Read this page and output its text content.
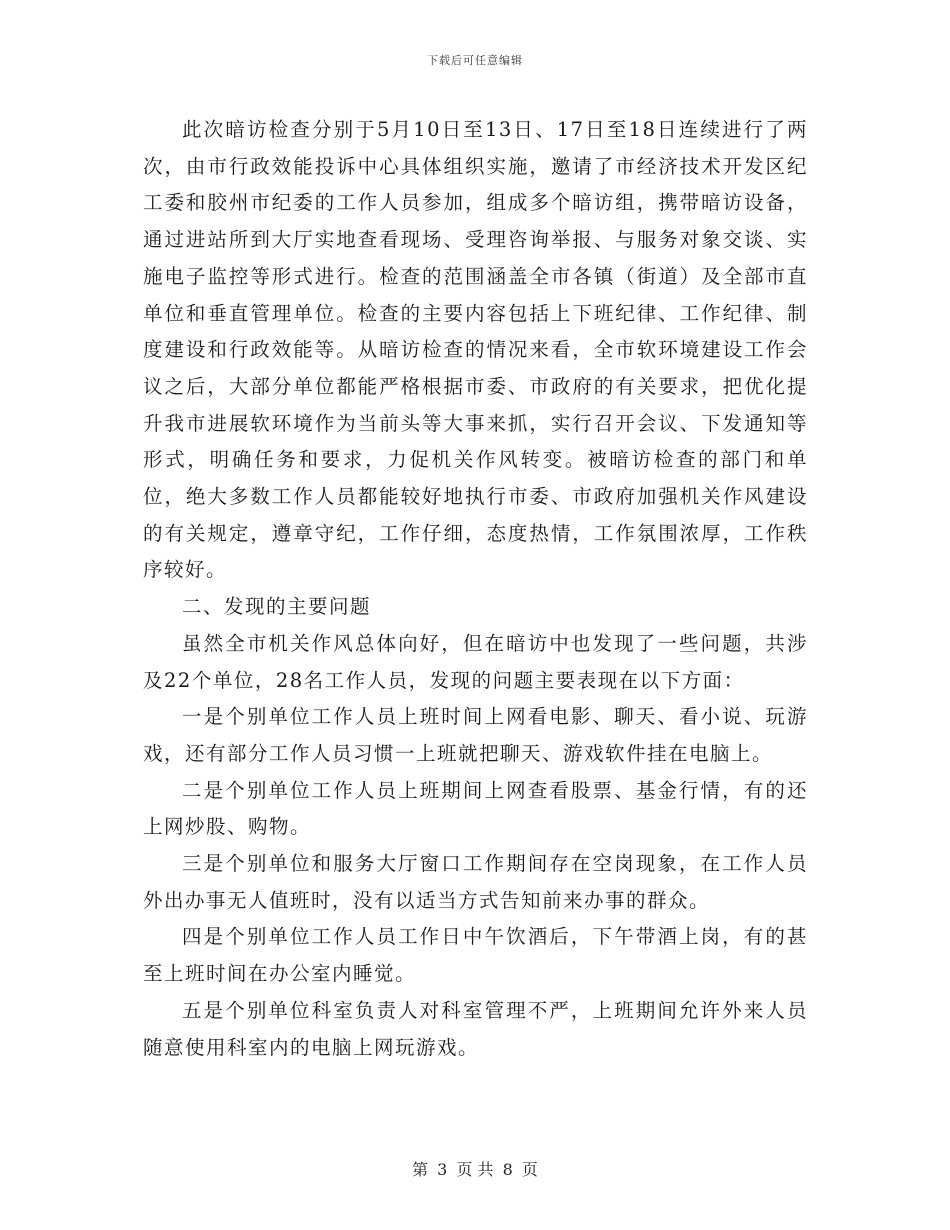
下载后可任意编辑

此次暗访检查分别于5月10日至13日、17日至18日连续进行了两次，由市行政效能投诉中心具体组织实施，邀请了市经济技术开发区纪工委和胶州市纪委的工作人员参加，组成多个暗访组，携带暗访设备，通过进站所到大厅实地查看现场、受理咨询举报、与服务对象交谈、实施电子监控等形式进行。检查的范围涵盖全市各镇（街道）及全部市直单位和垂直管理单位。检查的主要内容包括上下班纪律、工作纪律、制度建设和行政效能等。从暗访检查的情况来看，全市软环境建设工作会议之后，大部分单位都能严格根据市委、市政府的有关要求，把优化提升我市进展软环境作为当前头等大事来抓，实行召开会议、下发通知等形式，明确任务和要求，力促机关作风转变。被暗访检查的部门和单位，绝大多数工作人员都能较好地执行市委、市政府加强机关作风建设的有关规定，遵章守纪，工作仔细，态度热情，工作氛围浓厚，工作秩序较好。

二、发现的主要问题

虽然全市机关作风总体向好，但在暗访中也发现了一些问题，共涉及22个单位，28名工作人员，发现的问题主要表现在以下方面：

一是个别单位工作人员上班时间上网看电影、聊天、看小说、玩游戏，还有部分工作人员习惯一上班就把聊天、游戏软件挂在电脑上。

二是个别单位工作人员上班期间上网查看股票、基金行情，有的还上网炒股、购物。

三是个别单位和服务大厅窗口工作期间存在空岗现象，在工作人员外出办事无人值班时，没有以适当方式告知前来办事的群众。

四是个别单位工作人员工作日中午饮酒后，下午带酒上岗，有的甚至上班时间在办公室内睡觉。

五是个别单位科室负责人对科室管理不严，上班期间允许外来人员随意使用科室内的电脑上网玩游戏。

第 3 页 共 8 页
